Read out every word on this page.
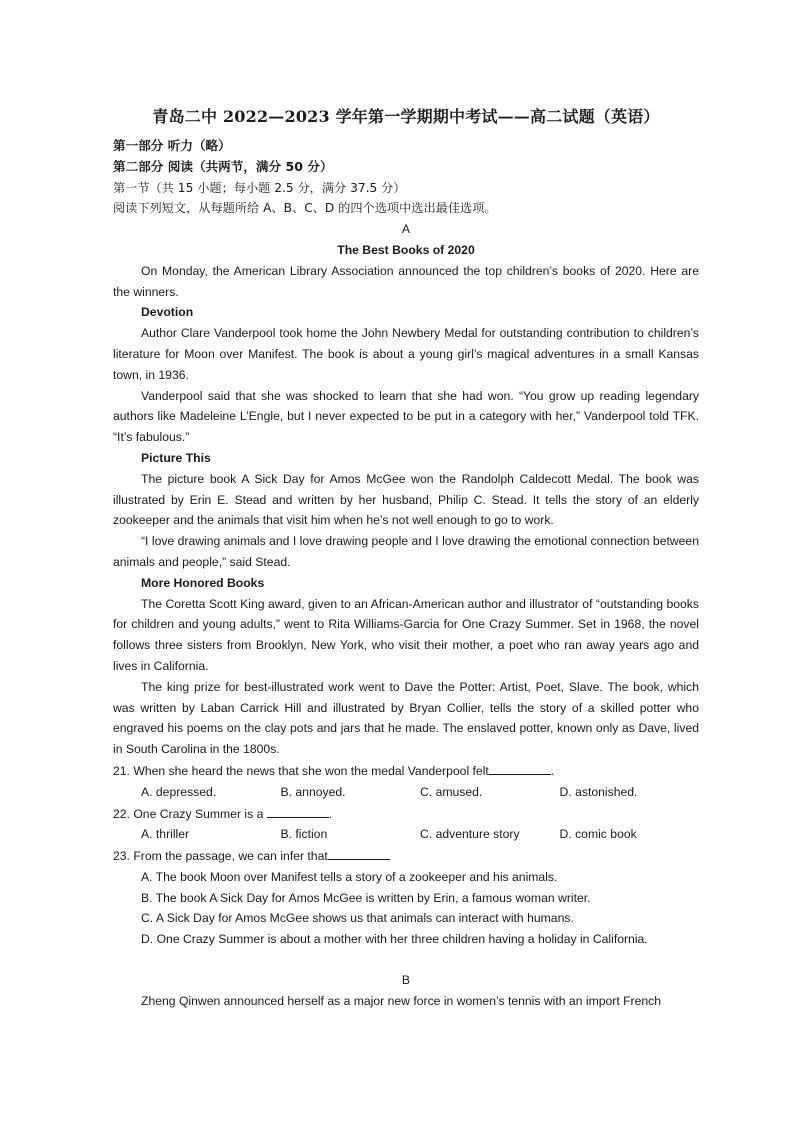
青岛二中 2022—2023 学年第一学期期中考试——高二试题（英语）
第一部分 听力（略）
第二部分 阅读（共两节，满分 50 分）
第一节（共 15 小题；每小题 2.5 分，满分 37.5 分）
阅读下列短文，从每题所给 A、B、C、D 的四个选项中选出最佳选项。
A
The Best Books of 2020
On Monday, the American Library Association announced the top children’s books of 2020. Here are the winners.
Devotion
Author Clare Vanderpool took home the John Newbery Medal for outstanding contribution to children’s literature for Moon over Manifest. The book is about a young girl’s magical adventures in a small Kansas town, in 1936.
Vanderpool said that she was shocked to learn that she had won. “You grow up reading legendary authors like Madeleine L’Engle, but I never expected to be put in a category with her,” Vanderpool told TFK. “It’s fabulous.”
Picture This
The picture book A Sick Day for Amos McGee won the Randolph Caldecott Medal. The book was illustrated by Erin E. Stead and written by her husband, Philip C. Stead. It tells the story of an elderly zookeeper and the animals that visit him when he’s not well enough to go to work.
“I love drawing animals and I love drawing people and I love drawing the emotional connection between animals and people,” said Stead.
More Honored Books
The Coretta Scott King award, given to an African-American author and illustrator of “outstanding books for children and young adults,” went to Rita Williams-Garcia for One Crazy Summer. Set in 1968, the novel follows three sisters from Brooklyn, New York, who visit their mother, a poet who ran away years ago and lives in California.
The king prize for best-illustrated work went to Dave the Potter: Artist, Poet, Slave. The book, which was written by Laban Carrick Hill and illustrated by Bryan Collier, tells the story of a skilled potter who engraved his poems on the clay pots and jars that he made. The enslaved potter, known only as Dave, lived in South Carolina in the 1800s.
21. When she heard the news that she won the medal Vanderpool felt	.
A. depressed.	B. annoyed.	C. amused.	D. astonished.
22. One Crazy Summer is a	.
A. thriller	B. fiction	C. adventure story	D. comic book
23. From the passage, we can infer that
A. The book Moon over Manifest tells a story of a zookeeper and his animals.
B. The book A Sick Day for Amos McGee is written by Erin, a famous woman writer.
C. A Sick Day for Amos McGee shows us that animals can interact with humans.
D. One Crazy Summer is about a mother with her three children having a holiday in California.
B
Zheng Qinwen announced herself as a major new force in women’s tennis with an import French
